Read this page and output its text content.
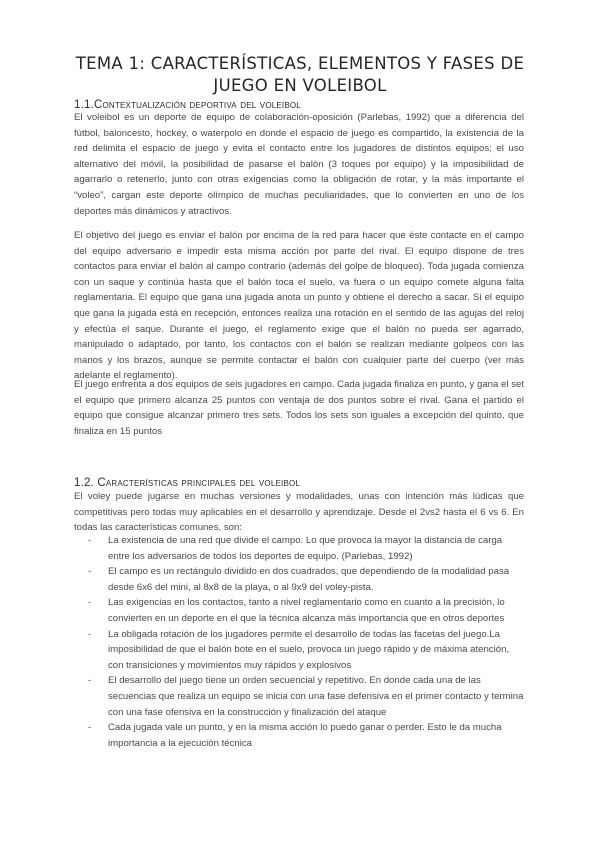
TEMA 1: CARACTERÍSTICAS, ELEMENTOS Y FASES DE JUEGO EN VOLEIBOL
1.1.Contextualización deportiva del voleibol

El voleibol es un deporte de equipo de colaboración-oposición (Parlebas, 1992) que a diferencia del fútbol, baloncesto, hockey, o waterpolo en donde el espacio de juego es compartido, la existencia de la red delimita el espacio de juego y evita el contacto entre los jugadores de distintos equipos; el uso alternativo del móvil, la posibilidad de pasarse el balón (3 toques por equipo) y la imposibilidad de agarrarlo o retenerlo, junto con otras exigencias como la obligación de rotar, y la más importante el “voleo”, cargan este deporte olímpico de muchas peculiaridades, que lo convierten en uno de los deportes más dinámicos y atractivos.

El objetivo del juego es enviar el balón por encima de la red para hacer que éste contacte en el campo del equipo adversario e impedir esta misma acción por parte del rival. El equipo dispone de tres contactos para enviar el balón al campo contrario (además del golpe de bloqueo). Toda jugada comienza con un saque y continúa hasta que el balón toca el suelo, va fuera o un equipo comete alguna falta reglamentaria. El equipo que gana una jugada anota un punto y obtiene el derecho a sacar. Si el equipo que gana la jugada está en recepción, entonces realiza una rotación en el sentido de las agujas del reloj y efectúa el saque. Durante el juego, el reglamento exige que el balón no pueda ser agarrado, manipulado o adaptado, por tanto, los contactos con el balón se realizan mediante golpeos con las manos y los brazos, aunque se permite contactar el balón con cualquier parte del cuerpo (ver más adelante el reglamento).

El juego enfrenta a dos equipos de seis jugadores en campo. Cada jugada finaliza en punto, y gana el set el equipo que primero alcanza 25 puntos con ventaja de dos puntos sobre el rival. Gana el partido el equipo que consigue alcanzar primero tres sets. Todos los sets son iguales a excepción del quinto, que finaliza en 15 puntos

1.2. Características principales del voleibol

El voley puede jugarse en muchas versiones y modalidades, unas con intención más lúdicas que competitivas pero todas muy aplicables en el desarrollo y aprendizaje. Desde el 2vs2 hasta el 6 vs 6. En todas las características comunes, son:

- La existencia de una red que divide el campo. Lo que provoca la mayor la distancia de carga entre los adversarios de todos los deportes de equipo. (Parlebas, 1992)
- El campo es un rectángulo dividido en dos cuadrados, que dependiendo de la modalidad pasa desde 6x6 del mini, al 8x8 de la playa, o al 9x9 del voley-pista.
- Las exigencias en los contactos, tanto a nivel reglamentario como en cuanto a la precisión, lo convierten en un deporte en el que la técnica alcanza más importancia que en otros deportes
- La obligada rotación de los jugadores permite el desarrollo de todas las facetas del juego.La imposibilidad de que el balón bote en el suelo, provoca un juego rápido y de máxima atención, con transiciones y movimientos muy rápidos y explosivos
- El desarrollo del juego tiene un orden secuencial y repetitivo. En donde cada una de las secuencias que realiza un equipo se inicia con una fase defensiva en el primer contacto y termina con una fase ofensiva en la construcción y finalización del ataque
- Cada jugada vale un punto, y en la misma acción lo puedo ganar o perder. Esto le da mucha importancia a la ejecución técnica
